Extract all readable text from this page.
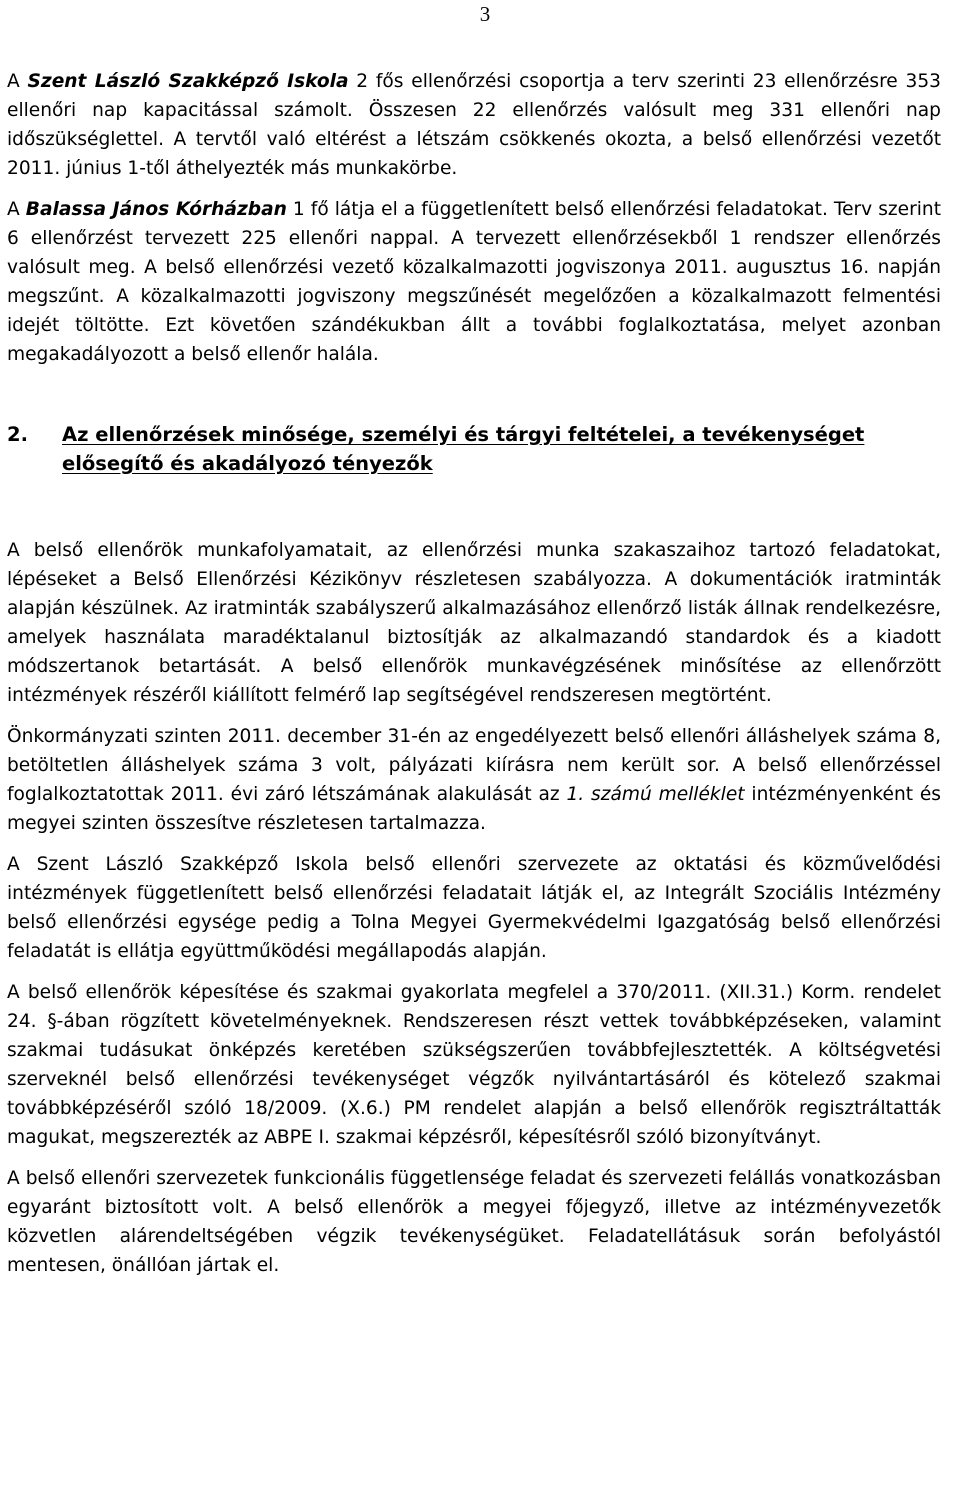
3

A Szent László Szakképző Iskola 2 fős ellenőrzési csoportja a terv szerinti 23 ellenőrzésre 353 ellenőri nap kapacitással számolt. Összesen 22 ellenőrzés valósult meg 331 ellenőri nap időszükséglettel. A tervtől való eltérést a létszám csökkenés okozta, a belső ellenőrzési vezetőt 2011. június 1-től áthelyezték más munkakörbe.

A Balassa János Kórházban 1 fő látja el a függetlenített belső ellenőrzési feladatokat. Terv szerint 6 ellenőrzést tervezett 225 ellenőri nappal. A tervezett ellenőrzésekből 1 rendszer ellenőrzés valósult meg. A belső ellenőrzési vezető közalkalmazotti jogviszonya 2011. augusztus 16. napján megszűnt. A közalkalmazotti jogviszony megszűnését megelőzően a közalkalmazott felmentési idejét töltötte. Ezt követően szándékukban állt a további foglalkoztatása, melyet azonban megakadályozott a belső ellenőr halála.

2.	Az ellenőrzések minősége, személyi és tárgyi feltételei, a tevékenységet elősegítő és akadályozó tényezők

A belső ellenőrök munkafolyamatait, az ellenőrzési munka szakaszaihoz tartozó feladatokat, lépéseket a Belső Ellenőrzési Kézikönyv részletesen szabályozza. A dokumentációk iratminták alapján készülnek. Az iratminták szabályszerű alkalmazásához ellenőrző listák állnak rendelkezésre, amelyek használata maradéktalanul biztosítják az alkalmazandó standardok és a kiadott módszertanok betartását. A belső ellenőrök munkavégzésének minősítése az ellenőrzött intézmények részéről kiállított felmérő lap segítségével rendszeresen megtörtént.

Önkormányzati szinten 2011. december 31-én az engedélyezett belső ellenőri álláshelyek száma 8, betöltetlen álláshelyek száma 3 volt, pályázati kiírásra nem került sor. A belső ellenőrzéssel foglalkoztatottak 2011. évi záró létszámának alakulását az 1. számú melléklet intézményenként és megyei szinten összesítve részletesen tartalmazza.

A Szent László Szakképző Iskola belső ellenőri szervezete az oktatási és közművelődési intézmények függetlenített belső ellenőrzési feladatait látják el, az Integrált Szociális Intézmény belső ellenőrzési egysége pedig a Tolna Megyei Gyermekvédelmi Igazgatóság belső ellenőrzési feladatát is ellátja együttműködési megállapodás alapján.

A belső ellenőrök képesítése és szakmai gyakorlata megfelel a 370/2011. (XII.31.) Korm. rendelet 24. §-ában rögzített követelményeknek. Rendszeresen részt vettek továbbképzéseken, valamint szakmai tudásukat önképzés keretében szükségszerűen továbbfejlesztették. A költségvetési szerveknél belső ellenőrzési tevékenységet végzők nyilvántartásáról és kötelező szakmai továbbképzéséről szóló 18/2009. (X.6.) PM rendelet alapján a belső ellenőrök regisztráltatták magukat, megszerezték az ABPE I. szakmai képzésről, képesítésről szóló bizonyítványt.

A belső ellenőri szervezetek funkcionális függetlensége feladat és szervezeti felállás vonatkozásban egyaránt biztosított volt. A belső ellenőrök a megyei főjegyző, illetve az intézményvezetők közvetlen alárendeltségében végzik tevékenységüket. Feladatellátásuk során befolyástól mentesen, önállóan jártak el.
